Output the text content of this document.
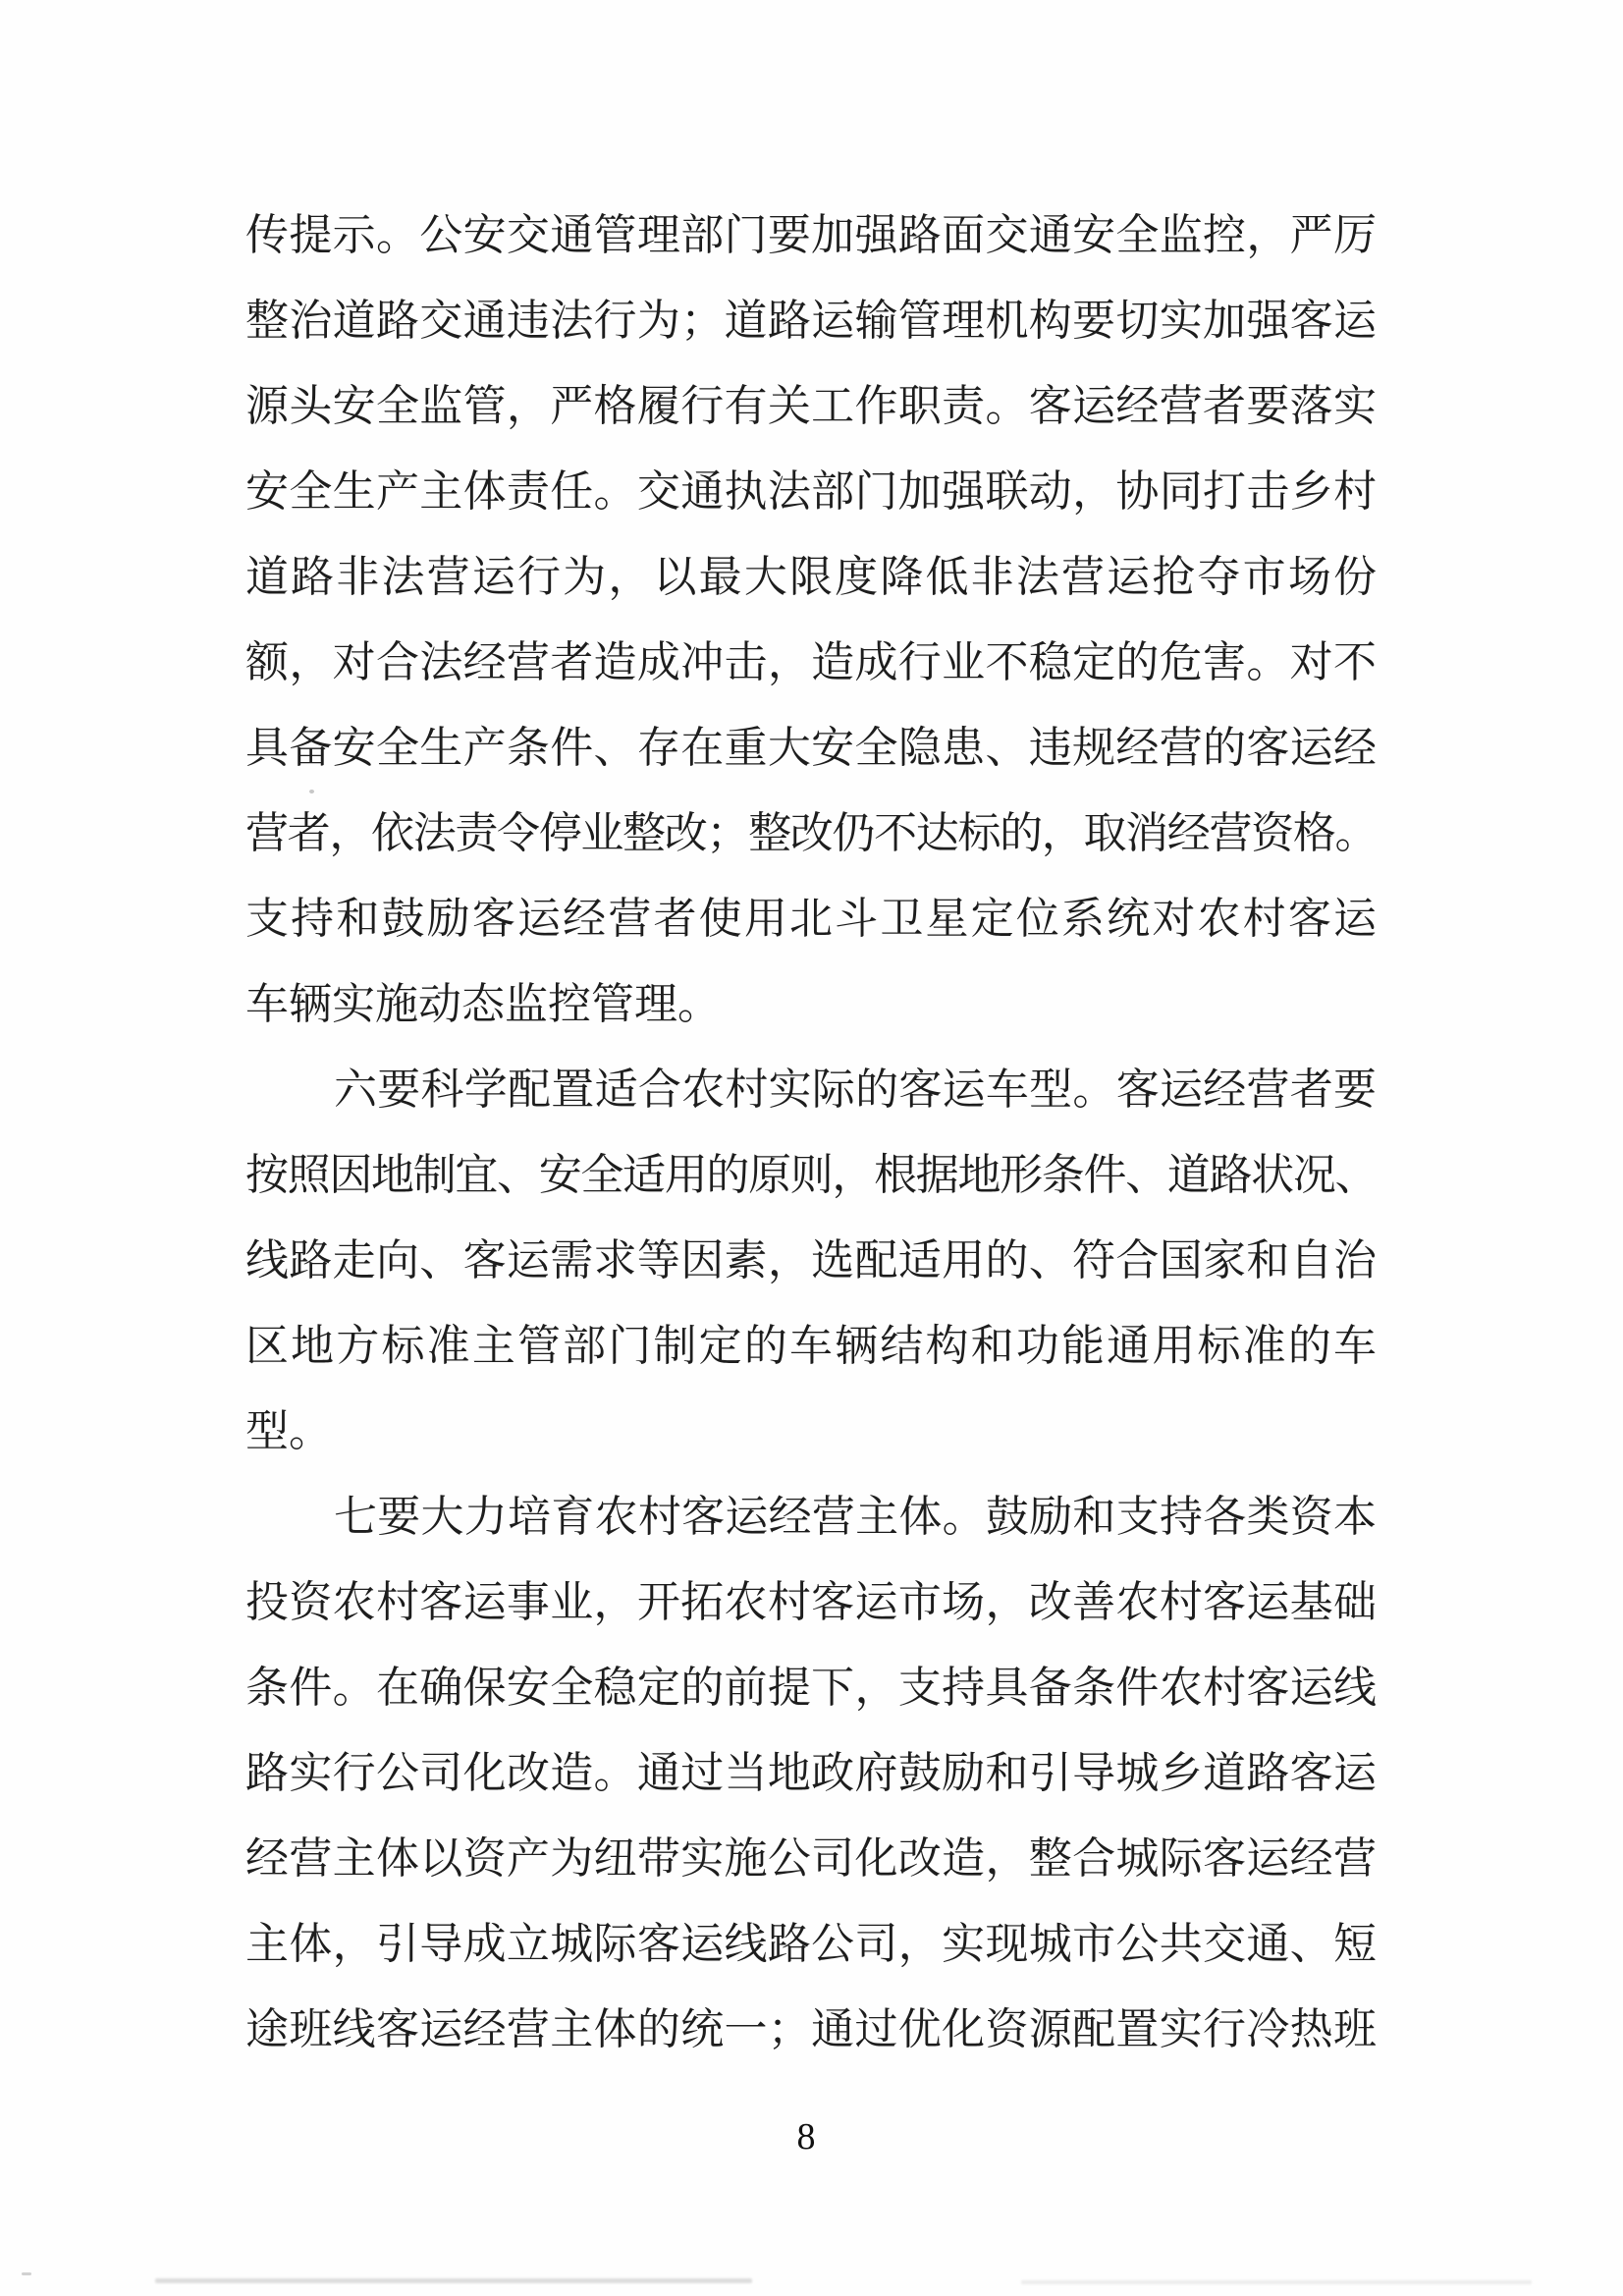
传提示。公安交通管理部门要加强路面交通安全监控，严厉
整治道路交通违法行为；道路运输管理机构要切实加强客运
源头安全监管，严格履行有关工作职责。客运经营者要落实
安全生产主体责任。交通执法部门加强联动，协同打击乡村
道路非法营运行为，以最大限度降低非法营运抢夺市场份
额，对合法经营者造成冲击，造成行业不稳定的危害。对不
具备安全生产条件、存在重大安全隐患、违规经营的客运经
营者，依法责令停业整改；整改仍不达标的，取消经营资格。
支持和鼓励客运经营者使用北斗卫星定位系统对农村客运
车辆实施动态监控管理。
六要科学配置适合农村实际的客运车型。客运经营者要
按照因地制宜、安全适用的原则，根据地形条件、道路状况、
线路走向、客运需求等因素，选配适用的、符合国家和自治
区地方标准主管部门制定的车辆结构和功能通用标准的车
型。
七要大力培育农村客运经营主体。鼓励和支持各类资本
投资农村客运事业，开拓农村客运市场，改善农村客运基础
条件。在确保安全稳定的前提下，支持具备条件农村客运线
路实行公司化改造。通过当地政府鼓励和引导城乡道路客运
经营主体以资产为纽带实施公司化改造，整合城际客运经营
主体，引导成立城际客运线路公司，实现城市公共交通、短
途班线客运经营主体的统一；通过优化资源配置实行冷热班
8
